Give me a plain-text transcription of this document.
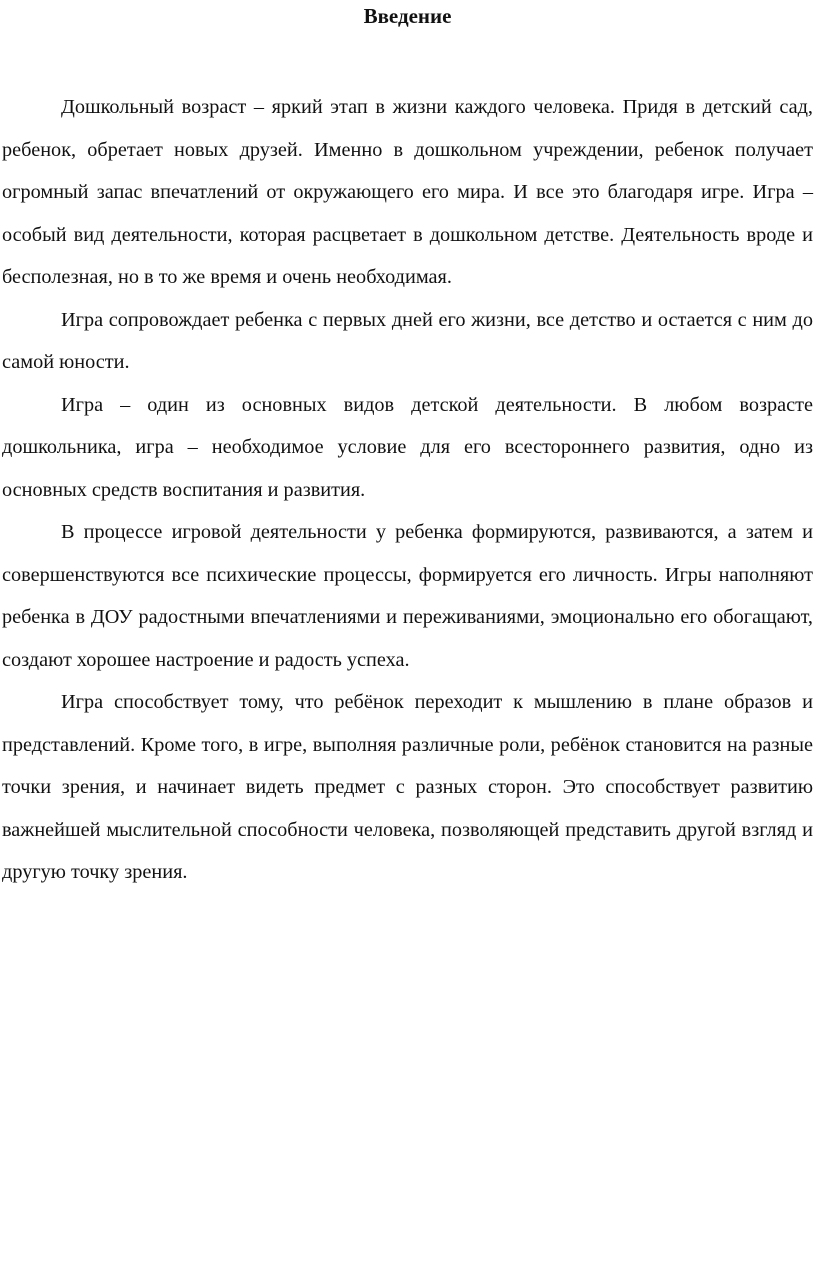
Введение

Дошкольный возраст – яркий этап в жизни каждого человека. Придя в детский сад, ребенок, обретает новых друзей. Именно в дошкольном учреждении, ребенок получает огромный запас впечатлений от окружающего его мира. И все это благодаря игре. Игра – особый вид деятельности, которая расцветает в дошкольном детстве. Деятельность вроде и бесполезная, но в то же время и очень необходимая.

Игра сопровождает ребенка с первых дней его жизни, все детство и остается с ним до самой юности.

Игра – один из основных видов детской деятельности. В любом возрасте дошкольника, игра – необходимое условие для его всестороннего развития, одно из основных средств воспитания и развития.

В процессе игровой деятельности у ребенка формируются, развиваются, а затем и совершенствуются все психические процессы, формируется его личность. Игры наполняют ребенка в ДОУ радостными впечатлениями и переживаниями, эмоционально его обогащают, создают хорошее настроение и радость успеха.

Игра способствует тому, что ребёнок переходит к мышлению в плане образов и представлений. Кроме того, в игре, выполняя различные роли, ребёнок становится на разные точки зрения, и начинает видеть предмет с разных сторон. Это способствует развитию важнейшей мыслительной способности человека, позволяющей представить другой взгляд и другую точку зрения.
